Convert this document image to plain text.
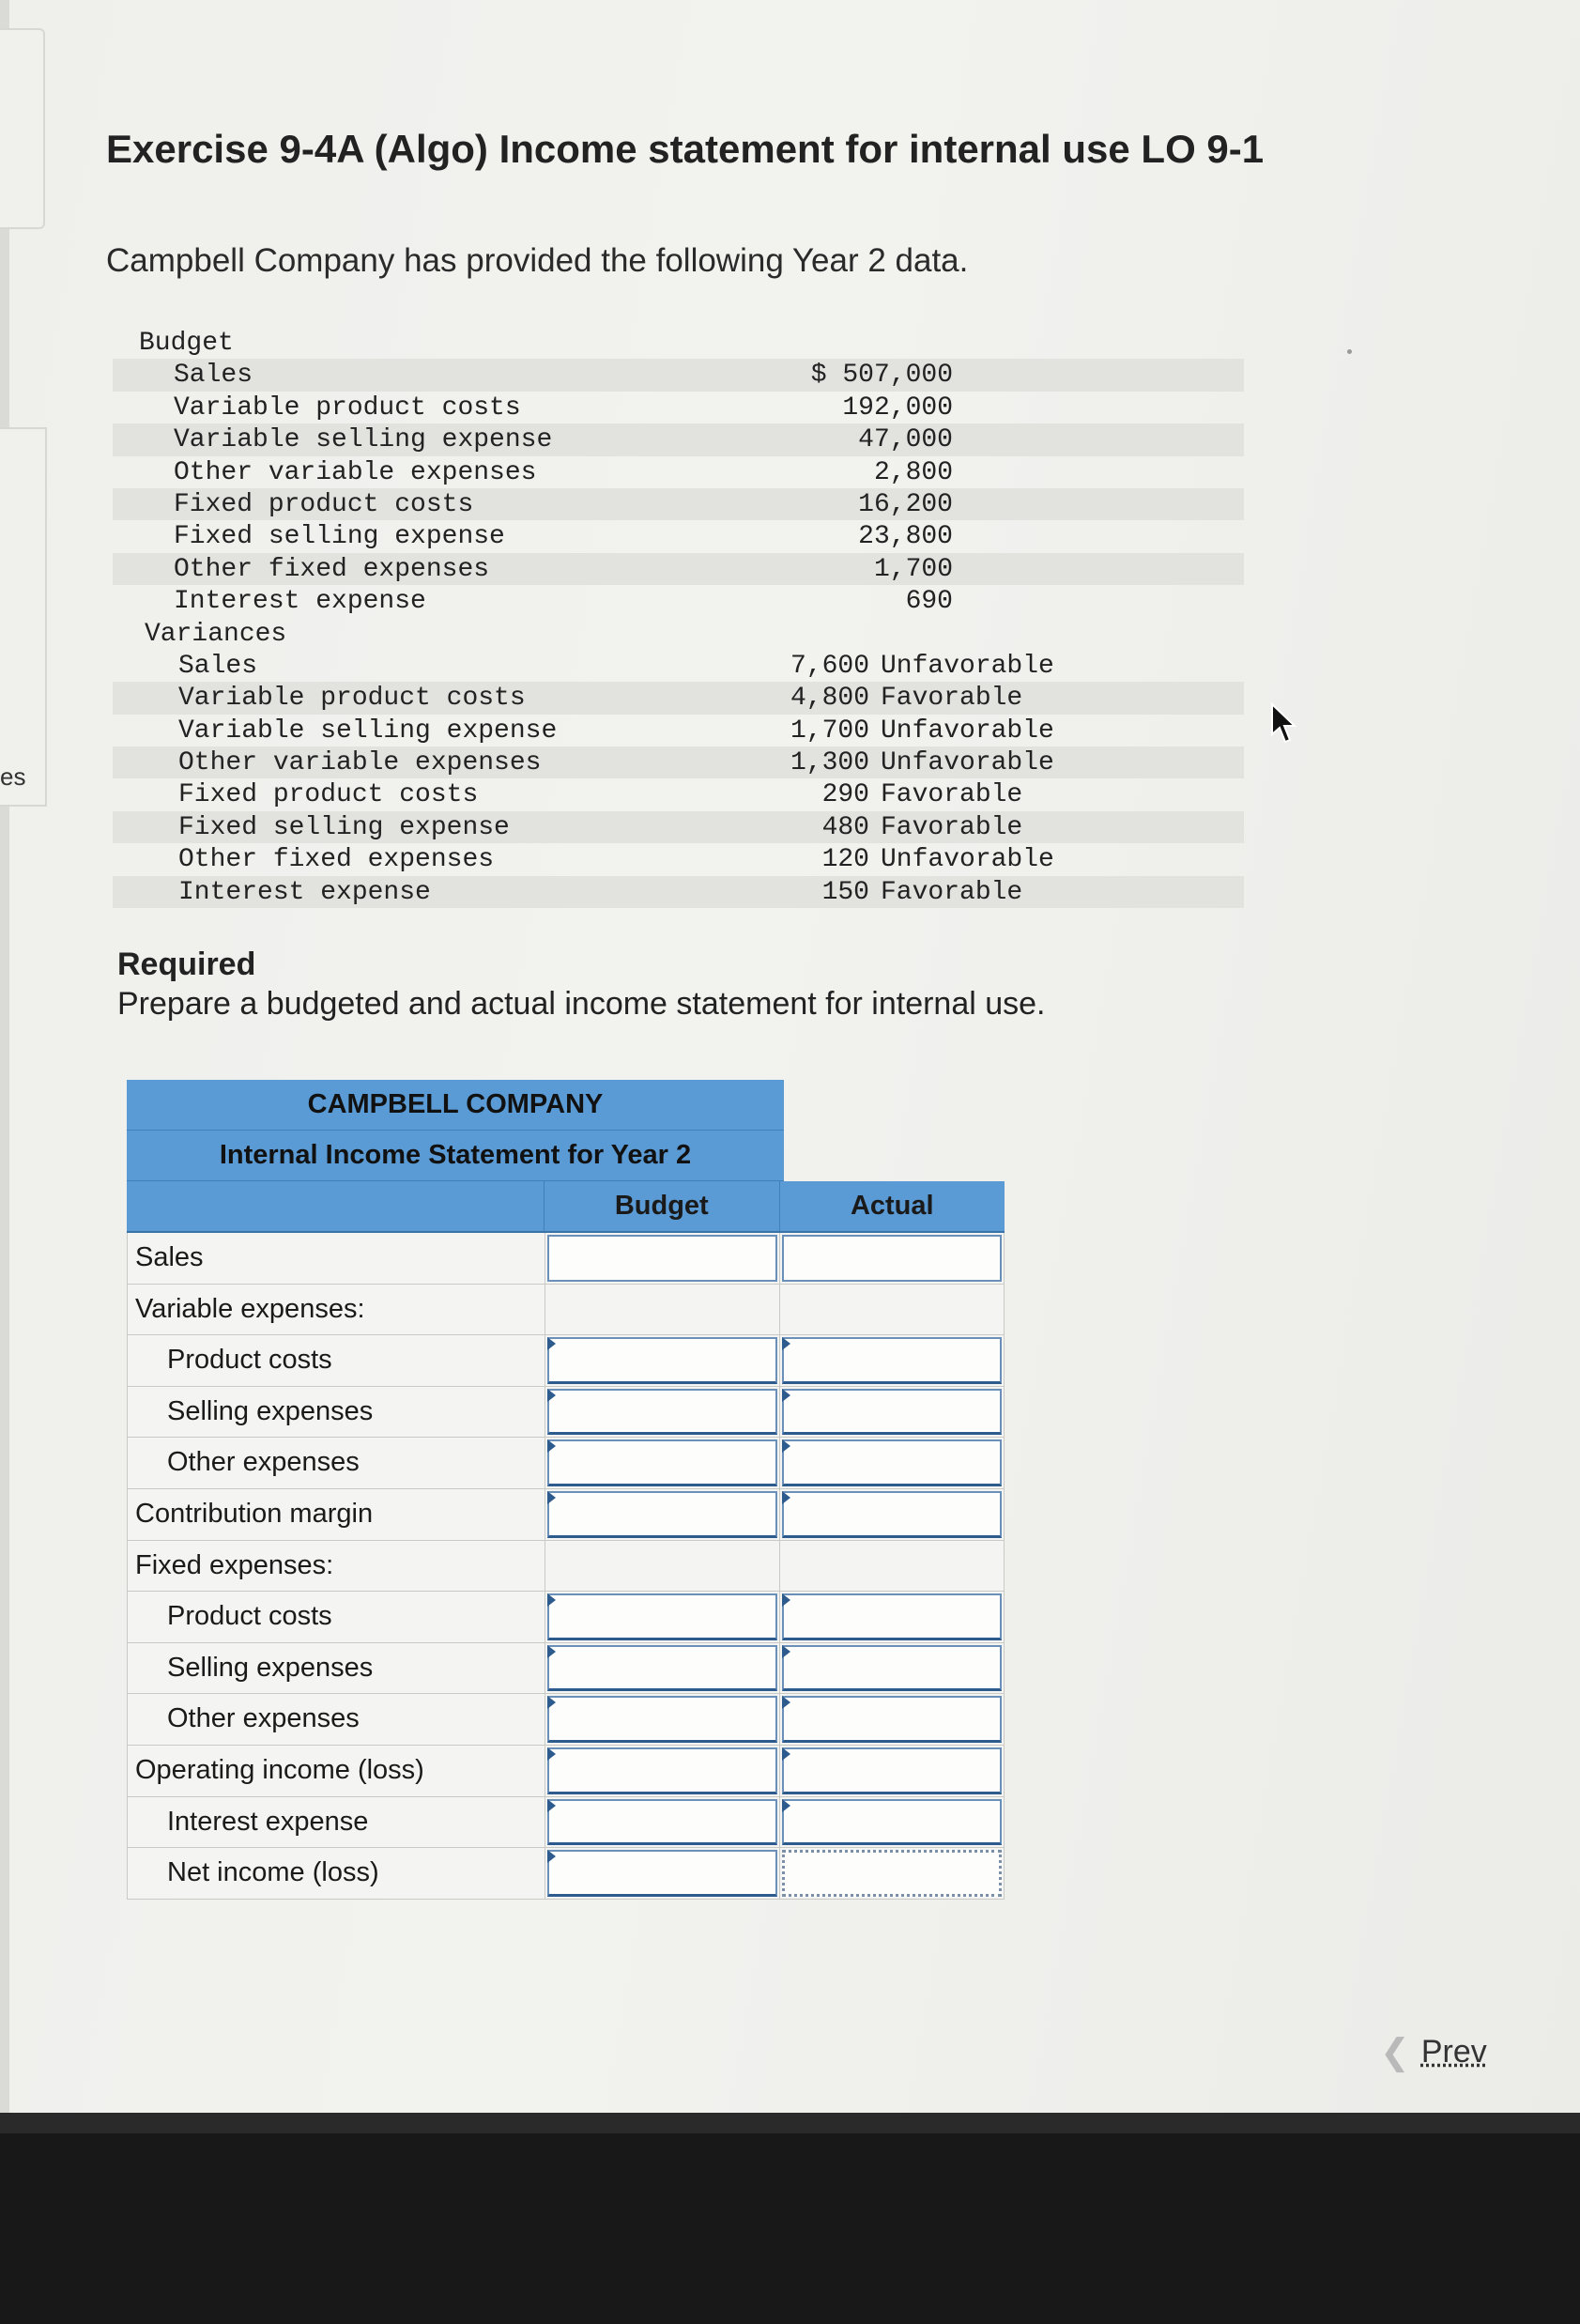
es
Exercise 9-4A (Algo) Income statement for internal use LO 9-1
Campbell Company has provided the following Year 2 data.
Budget
Sales	$ 507,000
Variable product costs	192,000
Variable selling expense	47,000
Other variable expenses	2,800
Fixed product costs	16,200
Fixed selling expense	23,800
Other fixed expenses	1,700
Interest expense	690
Variances
Sales	7,600 Unfavorable
Variable product costs	4,800 Favorable
Variable selling expense	1,700 Unfavorable
Other variable expenses	1,300 Unfavorable
Fixed product costs	290 Favorable
Fixed selling expense	480 Favorable
Other fixed expenses	120 Unfavorable
Interest expense	150 Favorable
Required
Prepare a budgeted and actual income statement for internal use.
CAMPBELL COMPANY
Internal Income Statement for Year 2
Budget	Actual
Sales
Variable expenses:
Product costs
Selling expenses
Other expenses
Contribution margin
Fixed expenses:
Product costs
Selling expenses
Other expenses
Operating income (loss)
Interest expense
Net income (loss)
❮ Prev
